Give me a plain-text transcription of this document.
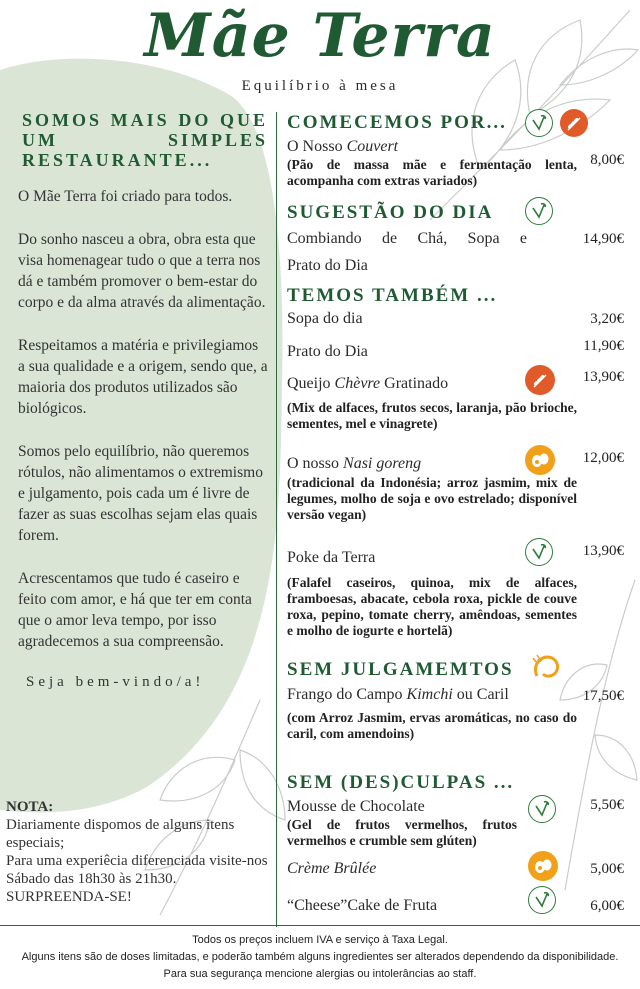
Mãe Terra
Equilíbrio à mesa
SOMOS MAIS DO QUE UM SIMPLES RESTAURANTE...

O Mãe Terra foi criado para todos.

Do sonho nasceu a obra, obra esta que visa homenagear tudo o que a terra nos dá e também promover o bem-estar do corpo e da alma através da alimentação.

Respeitamos a matéria e privilegiamos a sua qualidade e a origem, sendo que, a maioria dos produtos utilizados são biológicos.

Somos pelo equilíbrio, não queremos rótulos, não alimentamos o extremismo e julgamento, pois cada um é livre de fazer as suas escolhas sejam elas quais forem.

Acrescentamos que tudo é caseiro e feito com amor, e há que ter em conta que o amor leva tempo, por isso agradecemos a sua compreensão.

Seja bem-vindo/a!
NOTA:
Diariamente dispomos de alguns itens especiais;
Para uma experiêcia diferenciada visite-nos Sábado das 18h30 às 21h30.
SURPREENDA-SE!
COMECEMOS POR...
O Nosso Couvert
(Pão de massa mãe e fermentação lenta, acompanha com extras variados)
8,00€
SUGESTÃO DO DIA
Combiando de Chá, Sopa e
Prato do Dia
14,90€
TEMOS TAMBÉM ...
Sopa do dia	3,20€
Prato do Dia	11,90€
Queijo Chèvre Gratinado
(Mix de alfaces, frutos secos, laranja, pão brioche, sementes, mel e vinagrete)
13,90€
O nosso Nasi goreng
(tradicional da Indonésia; arroz jasmim, mix de legumes, molho de soja e ovo estrelado; disponível versão vegan)
12,00€
Poke da Terra
(Falafel caseiros, quinoa, mix de alfaces, framboesas, abacate, cebola roxa, pickle de couve roxa, pepino, tomate cherry, amêndoas, sementes e molho de iogurte e hortelã)
13,90€
SEM JULGAMEMTOS
Frango do Campo Kimchi ou Caril
(com Arroz Jasmim, ervas aromáticas, no caso do caril, com amendoins)
17,50€
SEM (DES)CULPAS ...
Mousse de Chocolate
(Gel de frutos vermelhos, frutos vermelhos e crumble sem glúten)
5,50€
Crème Brûlée	5,00€
“Cheese”Cake de Fruta	6,00€
Todos os preços incluem IVA e serviço à Taxa Legal.
Alguns itens são de doses limitadas, e poderão também alguns ingredientes ser alterados dependendo da disponibilidade.
Para sua segurança mencione alergias ou intolerâncias ao staff.
